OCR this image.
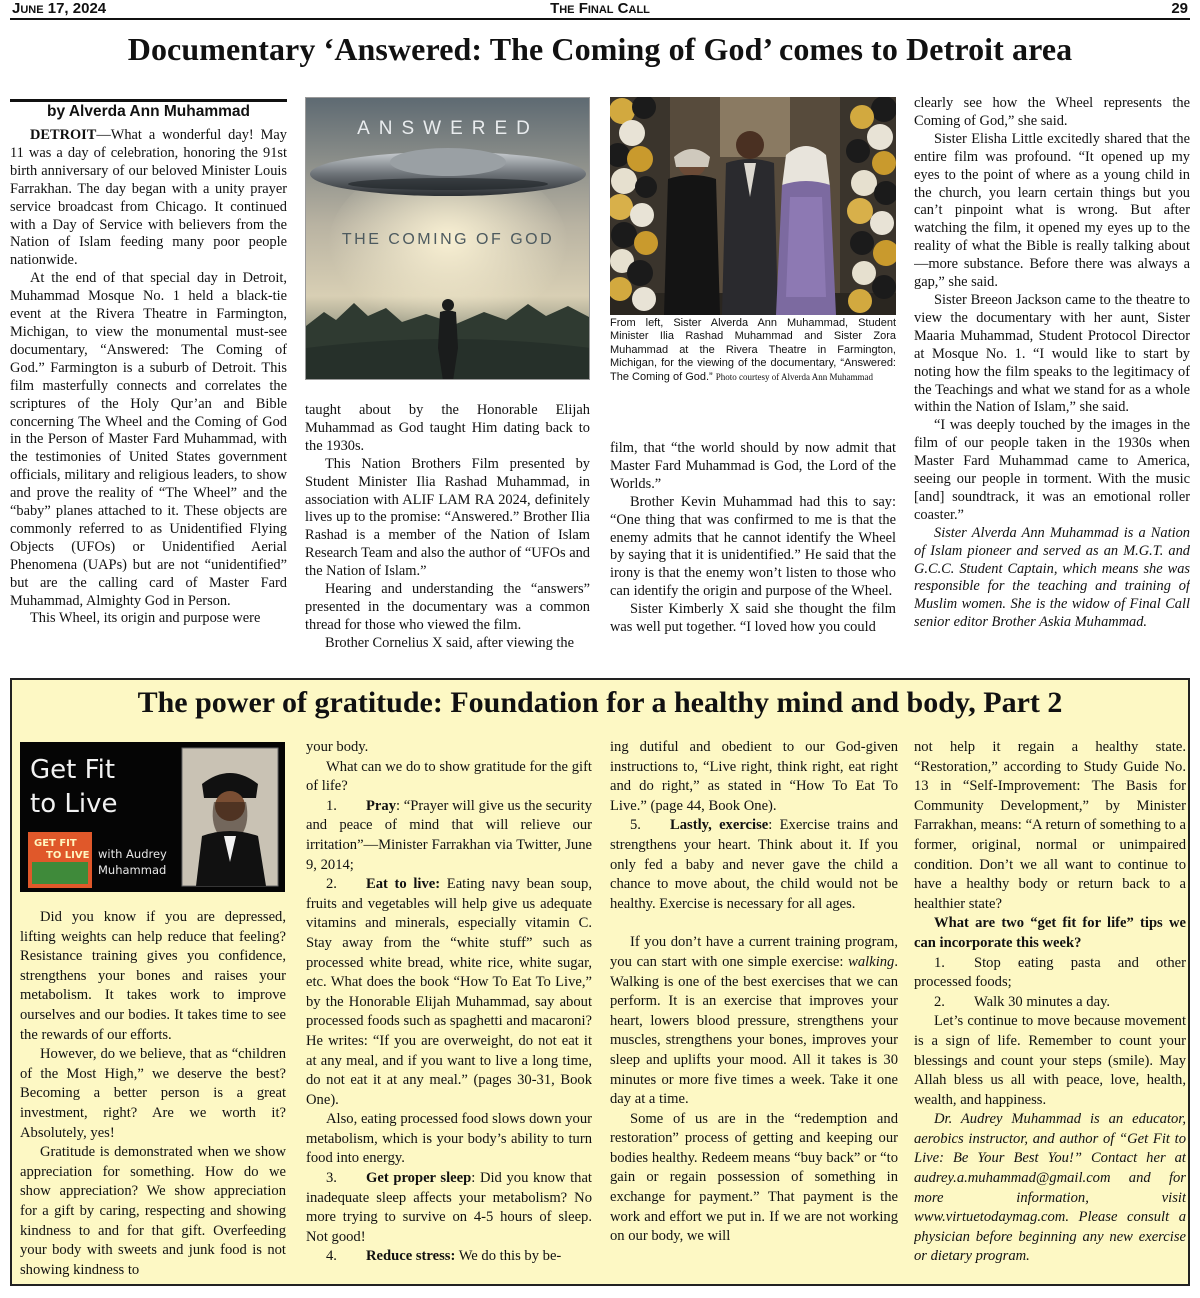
June 17, 2024	The Final Call	29
Documentary ‘Answered: The Coming of God’ comes to Detroit area
by Alverda Ann Muhammad

DETROIT—What a wonderful day! May 11 was a day of celebration, honoring the 91st birth anniversary of our beloved Minister Louis Farrakhan. The day began with a unity prayer service broadcast from Chicago. It continued with a Day of Service with believers from the Nation of Islam feeding many poor people nationwide.

At the end of that special day in Detroit, Muhammad Mosque No. 1 held a black-tie event at the Rivera Theatre in Farmington, Michigan, to view the monumental must-see documentary, “Answered: The Coming of God.” Farmington is a suburb of Detroit. This film masterfully connects and correlates the scriptures of the Holy Qur’an and Bible concerning The Wheel and the Coming of God in the Person of Master Fard Muhammad, with the testimonies of United States government officials, military and religious leaders, to show and prove the reality of “The Wheel” and the “baby” planes attached to it. These objects are commonly referred to as Unidentified Flying Objects (UFOs) or Unidentified Aerial Phenomena (UAPs) but are not “unidentified” but are the calling card of Master Fard Muhammad, Almighty God in Person.

This Wheel, its origin and purpose were

ANSWERED
THE COMING OF GOD

taught about by the Honorable Elijah Muhammad as God taught Him dating back to the 1930s.

This Nation Brothers Film presented by Student Minister Ilia Rashad Muhammad, in association with ALIF LAM RA 2024, definitely lives up to the promise: “Answered.” Brother Ilia Rashad is a member of the Nation of Islam Research Team and also the author of “UFOs and the Nation of Islam.”

Hearing and understanding the “answers” presented in the documentary was a common thread for those who viewed the film.

Brother Cornelius X said, after viewing the

From left, Sister Alverda Ann Muhammad, Student Minister Ilia Rashad Muhammad and Sister Zora Muhammad at the Rivera Theatre in Farmington, Michigan, for the viewing of the documentary, “Answered: The Coming of God.” Photo courtesy of Alverda Ann Muhammad

film, that “the world should by now admit that Master Fard Muhammad is God, the Lord of the Worlds.”

Brother Kevin Muhammad had this to say: “One thing that was confirmed to me is that the enemy admits that he cannot identify the Wheel by saying that it is unidentified.” He said that the irony is that the enemy won’t listen to those who can identify the origin and purpose of the Wheel.

Sister Kimberly X said she thought the film was well put together. “I loved how you could

clearly see how the Wheel represents the Coming of God,” she said.

Sister Elisha Little excitedly shared that the entire film was profound. “It opened up my eyes to the point of where as a young child in the church, you learn certain things but you can’t pinpoint what is wrong. But after watching the film, it opened my eyes up to the reality of what the Bible is really talking about—more substance. Before there was always a gap,” she said.

Sister Breeon Jackson came to the theatre to view the documentary with her aunt, Sister Maaria Muhammad, Student Protocol Director at Mosque No. 1. “I would like to start by noting how the film speaks to the legitimacy of the Teachings and what we stand for as a whole within the Nation of Islam,” she said.

“I was deeply touched by the images in the film of our people taken in the 1930s when Master Fard Muhammad came to America, seeing our people in torment. With the music [and] soundtrack, it was an emotional roller coaster.”

Sister Alverda Ann Muhammad is a Nation of Islam pioneer and served as an M.G.T. and G.C.C. Student Captain, which means she was responsible for the teaching and training of Muslim women. She is the widow of Final Call senior editor Brother Askia Muhammad.

The power of gratitude: Foundation for a healthy mind and body, Part 2
Get Fit
to Live
GET FIT
TO LIVE with Audrey
Muhammad

Did you know if you are depressed, lifting weights can help reduce that feeling? Resistance training gives you confidence, strengthens your bones and raises your metabolism. It takes work to improve ourselves and our bodies. It takes time to see the rewards of our efforts.

However, do we believe, that as “children of the Most High,” we deserve the best? Becoming a better person is a great investment, right? Are we worth it? Absolutely, yes!

Gratitude is demonstrated when we show appreciation for something. How do we show appreciation? We show appreciation for a gift by caring, respecting and showing kindness to and for that gift. Overfeeding your body with sweets and junk food is not showing kindness to

your body.

What can we do to show gratitude for the gift of life?

1. Pray: “Prayer will give us the security and peace of mind that will relieve our irritation”—Minister Farrakhan via Twitter, June 9, 2014;

2. Eat to live: Eating navy bean soup, fruits and vegetables will help give us adequate vitamins and minerals, especially vitamin C. Stay away from the “white stuff” such as processed white bread, white rice, white sugar, etc. What does the book “How To Eat To Live,” by the Honorable Elijah Muhammad, say about processed foods such as spaghetti and macaroni? He writes: “If you are overweight, do not eat it at any meal, and if you want to live a long time, do not eat it at any meal.” (pages 30-31, Book One).

Also, eating processed food slows down your metabolism, which is your body’s ability to turn food into energy.

3. Get proper sleep: Did you know that inadequate sleep affects your metabolism? No more trying to survive on 4-5 hours of sleep. Not good!

4. Reduce stress: We do this by be-

ing dutiful and obedient to our God-given instructions to, “Live right, think right, eat right and do right,” as stated in “How To Eat To Live.” (page 44, Book One).

5. Lastly, exercise: Exercise trains and strengthens your heart. Think about it. If you only fed a baby and never gave the child a chance to move about, the child would not be healthy. Exercise is necessary for all ages.

If you don’t have a current training program, you can start with one simple exercise: walking. Walking is one of the best exercises that we can perform. It is an exercise that improves your heart, lowers blood pressure, strengthens your muscles, strengthens your bones, improves your sleep and uplifts your mood. All it takes is 30 minutes or more five times a week. Take it one day at a time.

Some of us are in the “redemption and restoration” process of getting and keeping our bodies healthy. Redeem means “buy back” or “to gain or regain possession of something in exchange for payment.” That payment is the work and effort we put in. If we are not working on our body, we will

not help it regain a healthy state. “Restoration,” according to Study Guide No. 13 in “Self-Improvement: The Basis for Community Development,” by Minister Farrakhan, means: “A return of something to a former, original, normal or unimpaired condition. Don’t we all want to continue to have a healthy body or return back to a healthier state?

What are two “get fit for life” tips we can incorporate this week?

1. Stop eating pasta and other processed foods;

2. Walk 30 minutes a day.

Let’s continue to move because movement is a sign of life. Remember to count your blessings and count your steps (smile). May Allah bless us all with peace, love, health, wealth, and happiness.

Dr. Audrey Muhammad is an educator, aerobics instructor, and author of “Get Fit to Live: Be Your Best You!” Contact her at audrey.a.muhammad@gmail.com and for more information, visit www.virtuetodaymag.com. Please consult a physician before beginning any new exercise or dietary program.
